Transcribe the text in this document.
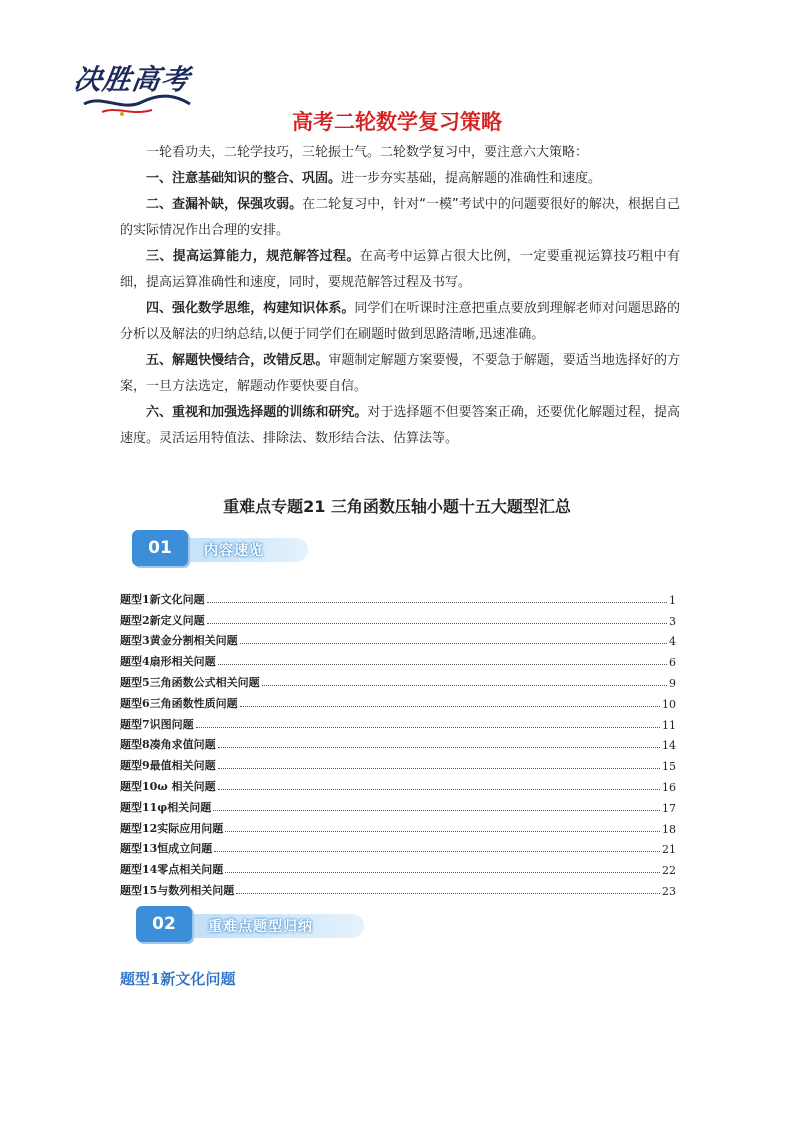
决胜高考
高考二轮数学复习策略

一轮看功夫，二轮学技巧，三轮振士气。二轮数学复习中，要注意六大策略：

一、注意基础知识的整合、巩固。进一步夯实基础，提高解题的准确性和速度。

二、查漏补缺，保强攻弱。在二轮复习中，针对“一模”考试中的问题要很好的解决，根据自己的实际情况作出合理的安排。

三、提高运算能力，规范解答过程。在高考中运算占很大比例，一定要重视运算技巧粗中有细，提高运算准确性和速度，同时，要规范解答过程及书写。

四、强化数学思维，构建知识体系。同学们在听课时注意把重点要放到理解老师对问题思路的分析以及解法的归纳总结,以便于同学们在刷题时做到思路清晰,迅速准确。

五、解题快慢结合，改错反思。审题制定解题方案要慢，不要急于解题，要适当地选择好的方案，一旦方法选定，解题动作要快要自信。

六、重视和加强选择题的训练和研究。对于选择题不但要答案正确，还要优化解题过程，提高速度。灵活运用特值法、排除法、数形结合法、估算法等。

重难点专题21 三角函数压轴小题十五大题型汇总
01	内容速览
题型1新文化问题	1
题型2新定义问题	3
题型3黄金分割相关问题	4
题型4扇形相关问题	6
题型5三角函数公式相关问题	9
题型6三角函数性质问题	10
题型7识图问题	11
题型8凑角求值问题	14
题型9最值相关问题	15
题型10ω 相关问题	16
题型11φ相关问题	17
题型12实际应用问题	18
题型13恒成立问题	21
题型14零点相关问题	22
题型15与数列相关问题	23
02	重难点题型归纳
题型1新文化问题
